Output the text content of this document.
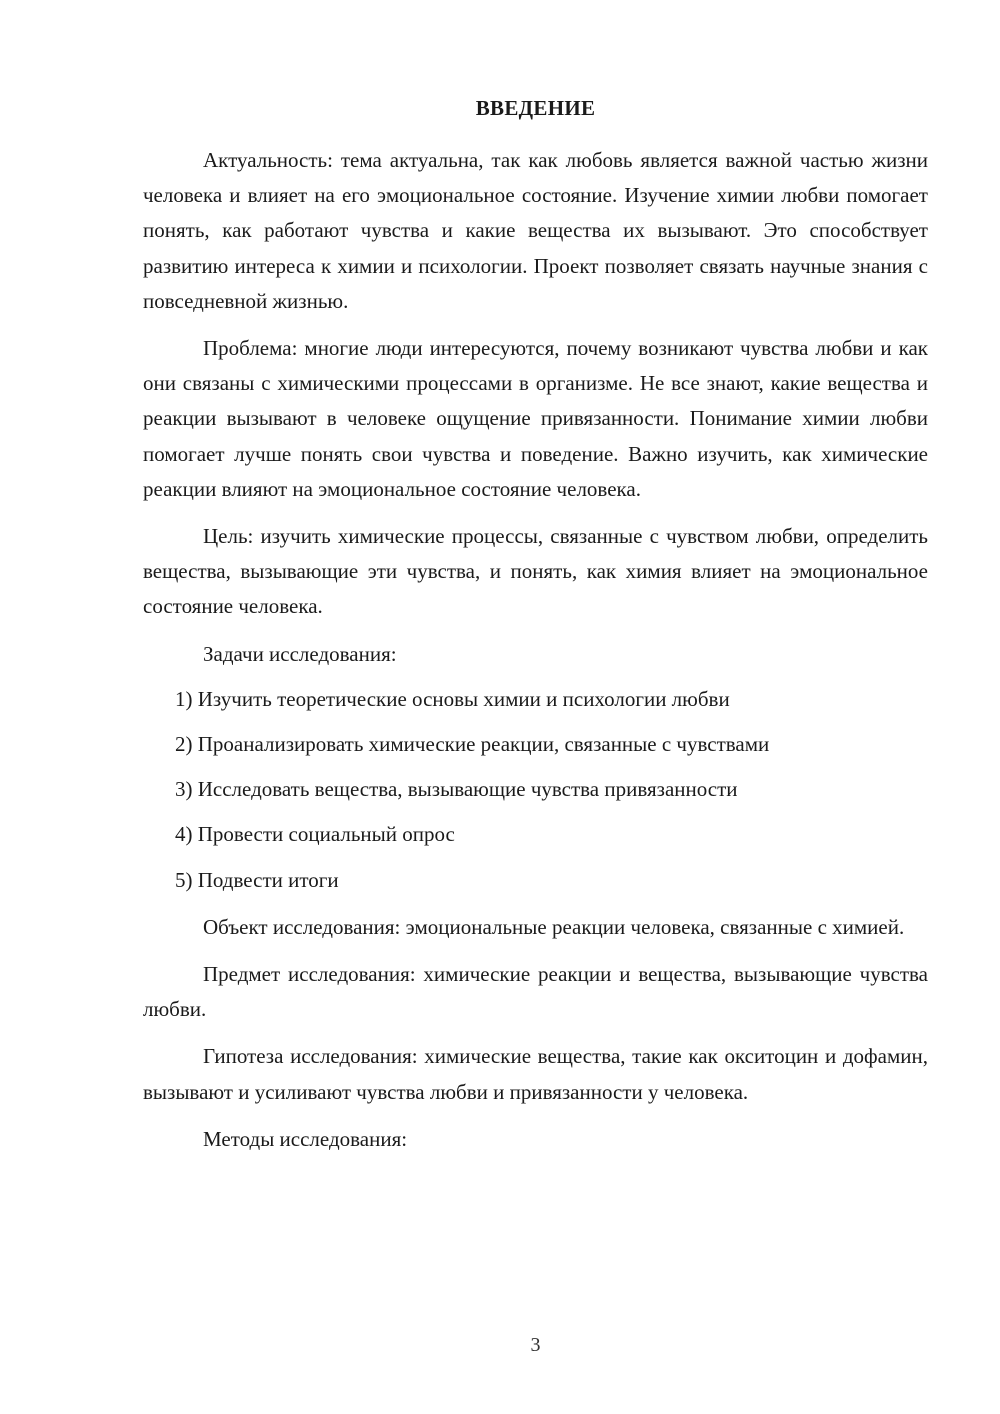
ВВЕДЕНИЕ

Актуальность: тема актуальна, так как любовь является важной частью жизни человека и влияет на его эмоциональное состояние. Изучение химии любви помогает понять, как работают чувства и какие вещества их вызывают. Это способствует развитию интереса к химии и психологии. Проект позволяет связать научные знания с повседневной жизнью.

Проблема: многие люди интересуются, почему возникают чувства любви и как они связаны с химическими процессами в организме. Не все знают, какие вещества и реакции вызывают в человеке ощущение привязанности. Понимание химии любви помогает лучше понять свои чувства и поведение. Важно изучить, как химические реакции влияют на эмоциональное состояние человека.

Цель: изучить химические процессы, связанные с чувством любви, определить вещества, вызывающие эти чувства, и понять, как химия влияет на эмоциональное состояние человека.

Задачи исследования:

1) Изучить теоретические основы химии и психологии любви
2) Проанализировать химические реакции, связанные с чувствами
3) Исследовать вещества, вызывающие чувства привязанности
4) Провести социальный опрос
5) Подвести итоги

Объект исследования: эмоциональные реакции человека, связанные с химией.

Предмет исследования: химические реакции и вещества, вызывающие чувства любви.

Гипотеза исследования: химические вещества, такие как окситоцин и дофамин, вызывают и усиливают чувства любви и привязанности у человека.

Методы исследования:

3
